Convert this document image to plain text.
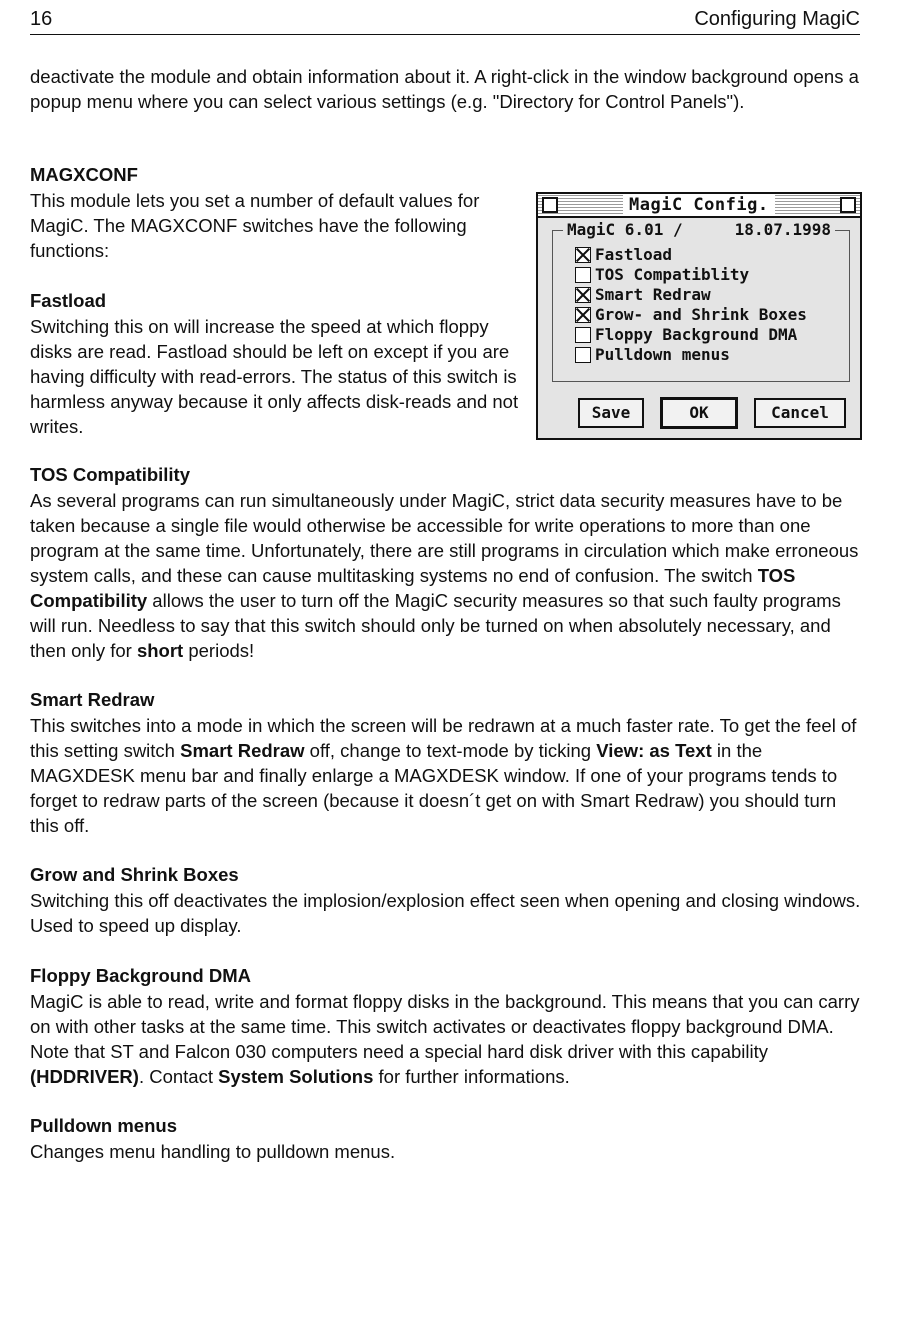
16	Configuring MagiC

deactivate the module and obtain information about it. A right-click in the window background opens a popup menu where you can select various settings (e.g. "Directory for Control Panels").

MAGXCONF

This module lets you set a number of default values for MagiC. The MAGXCONF switches have the following functions:

Fastload

Switching this on will increase the speed at which floppy disks are read. Fastload should be left on except if you are having difficulty with read-errors. The status of this switch is harmless anyway because it only affects disk-reads and not writes.

MagiC Config.
MagiC 6.01 /	18.07.1998
Fastload
TOS Compatiblity
Smart Redraw
Grow- and Shrink Boxes
Floppy Background DMA
Pulldown menus
Save	OK	Cancel
TOS Compatibility

As several programs can run simultaneously under MagiC, strict data security measures have to be taken because a single file would otherwise be accessible for write operations to more than one program at the same time. Unfortunately, there are still programs in circulation which make erroneous system calls, and these can cause multitasking systems no end of confusion. The switch TOS Compatibility allows the user to turn off the MagiC security measures so that such faulty programs will run. Needless to say that this switch should only be turned on when absolutely necessary, and then only for short periods!

Smart Redraw

This switches into a mode in which the screen will be redrawn at a much faster rate. To get the feel of this setting switch Smart Redraw off, change to text-mode by ticking View: as Text in the MAGXDESK menu bar and finally enlarge a MAGXDESK window. If one of your programs tends to forget to redraw parts of the screen (because it doesn´t get on with Smart Redraw) you should turn this off.

Grow and Shrink Boxes

Switching this off deactivates the implosion/explosion effect seen when opening and closing windows. Used to speed up display.

Floppy Background DMA

MagiC is able to read, write and format floppy disks in the background. This means that you can carry on with other tasks at the same time. This switch activates or deactivates floppy background DMA. Note that ST and Falcon 030 computers need a special hard disk driver with this capability (HDDRIVER). Contact System Solutions for further informations.

Pulldown menus

Changes menu handling to pulldown menus.
